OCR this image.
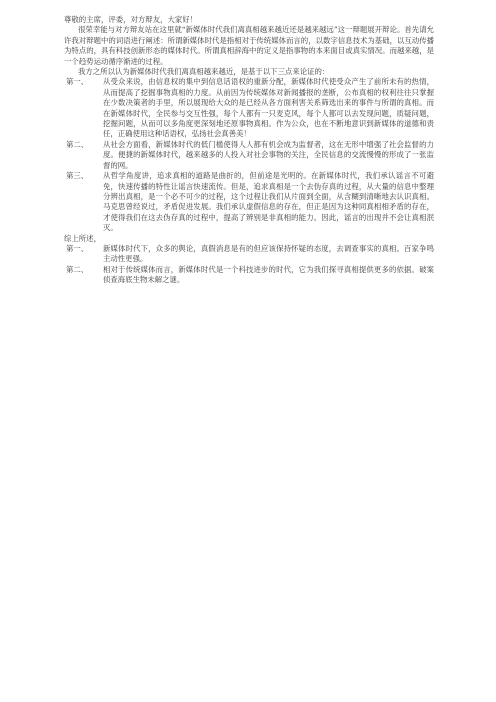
尊敬的主席，评委，对方辩友，大家好！

很荣幸能与对方辩友站在这里就“新媒体时代我们离真相越来越近还是越来越远”这一辩题展开辩论。首先请允许我对辩题中的词语进行阐述：所谓新媒体时代是指相对于传统媒体而言的，以数字信息技术为基础，以互动传播为特点的，具有科技创新形态的媒体时代。所谓真相辞海中的定义是指事物的本来面目或真实情况。而越来越，是一个趋势运动循序渐进的过程。

我方之所以认为新媒体时代我们离真相越来越近，是基于以下三点来论证的：

第一、 从受众来说，由信息权的集中到信息话语权的重新分配，新媒体时代使受众产生了前所未有的热情，从而提高了挖掘事物真相的力度。从前因为传统媒体对新闻播报的垄断，公布真相的权利往往只掌握在少数决策者的手里，所以展现给大众的是已经从各方面利害关系筛选出来的事件与所谓的真相。而在新媒体时代，全民参与交互性强，每个人都有一只麦克风，每个人都可以去发现问题，质疑问题，挖掘问题，从而可以多角度更深刻地还原事物真相。作为公众，也在不断地意识到新媒体的道德和责任，正确使用这种话语权，弘扬社会真善美！
第二、 从社会方面看，新媒体时代的低门槛使得人人都有机会成为监督者，这在无形中增强了社会监督的力度。便捷的新媒体时代，越来越多的人投入对社会事物的关注，全民信息的交流慢慢的形成了一张监督的网。
第三、 从哲学角度讲，追求真相的道路是曲折的，但前途是光明的。在新媒体时代，我们承认谣言不可避免，快速传播的特性让谣言快速流传。但是，追求真相是一个去伪存真的过程，从大量的信息中整理分辨出真相，是一个必不可少的过程，这个过程让我们从片面到全面，从含糊到清晰地去认识真相。马克思曾经说过，矛盾促进发展。我们承认虚假信息的存在，但正是因为这种同真相相矛盾的存在，才使得我们在这去伪存真的过程中，提高了辨别是非真相的能力。因此，谣言的出现并不会让真相泯灭。

综上所述，

第一、 新媒体时代下，众多的舆论，真假消息是有的但应该保持怀疑的态度，去调查事实的真相。百家争鸣主动性更强。
第二、 相对于传统媒体而言，新媒体时代是一个科技进步的时代，它为我们探寻真相提供更多的依据。破案侦查海底生物未解之谜。
